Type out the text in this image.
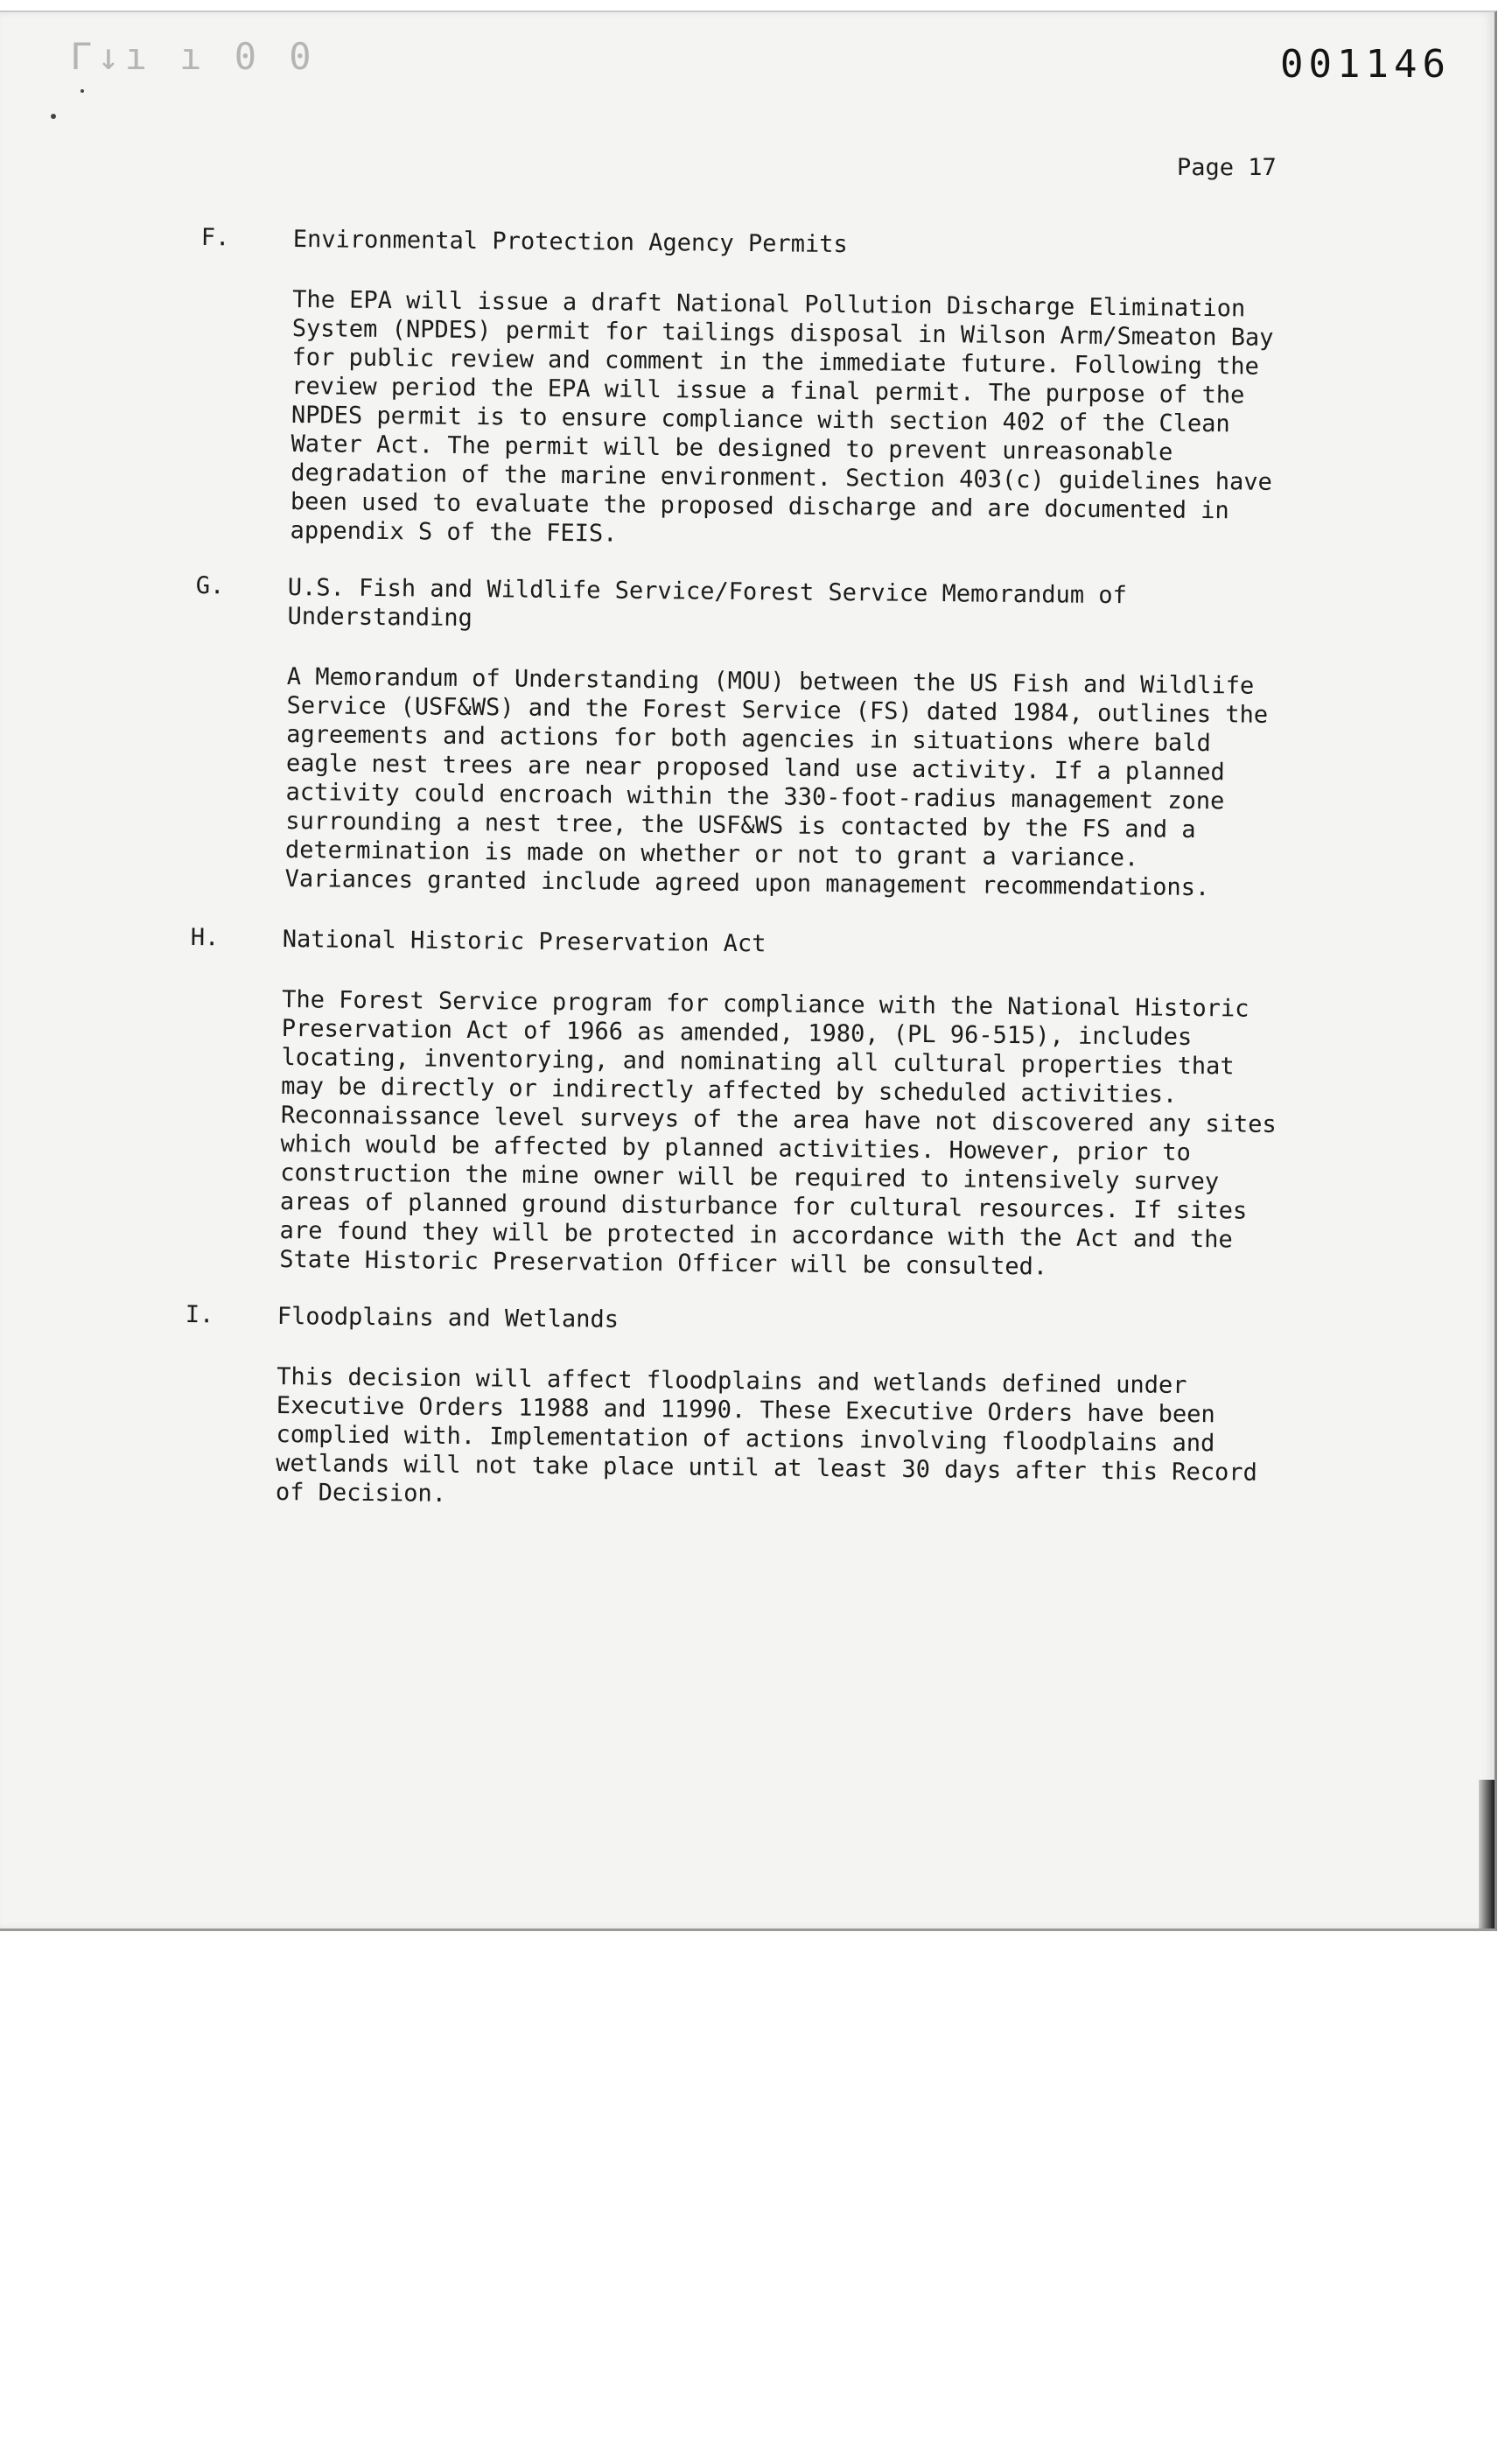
Γ↓ı ı 0 0	001146
Page 17
F.	Environmental Protection Agency Permits
The EPA will issue a draft National Pollution Discharge Elimination
System (NPDES) permit for tailings disposal in Wilson Arm/Smeaton Bay
for public review and comment in the immediate future. Following the
review period the EPA will issue a final permit. The purpose of the
NPDES permit is to ensure compliance with section 402 of the Clean
Water Act. The permit will be designed to prevent unreasonable
degradation of the marine environment. Section 403(c) guidelines have
been used to evaluate the proposed discharge and are documented in
appendix S of the FEIS.
G.	U.S. Fish and Wildlife Service/Forest Service Memorandum of
Understanding
A Memorandum of Understanding (MOU) between the US Fish and Wildlife
Service (USF&WS) and the Forest Service (FS) dated 1984, outlines the
agreements and actions for both agencies in situations where bald
eagle nest trees are near proposed land use activity. If a planned
activity could encroach within the 330-foot-radius management zone
surrounding a nest tree, the USF&WS is contacted by the FS and a
determination is made on whether or not to grant a variance.
Variances granted include agreed upon management recommendations.
H.	National Historic Preservation Act
The Forest Service program for compliance with the National Historic
Preservation Act of 1966 as amended, 1980, (PL 96-515), includes
locating, inventorying, and nominating all cultural properties that
may be directly or indirectly affected by scheduled activities.
Reconnaissance level surveys of the area have not discovered any sites
which would be affected by planned activities. However, prior to
construction the mine owner will be required to intensively survey
areas of planned ground disturbance for cultural resources. If sites
are found they will be protected in accordance with the Act and the
State Historic Preservation Officer will be consulted.
I.	Floodplains and Wetlands
This decision will affect floodplains and wetlands defined under
Executive Orders 11988 and 11990. These Executive Orders have been
complied with. Implementation of actions involving floodplains and
wetlands will not take place until at least 30 days after this Record
of Decision.
